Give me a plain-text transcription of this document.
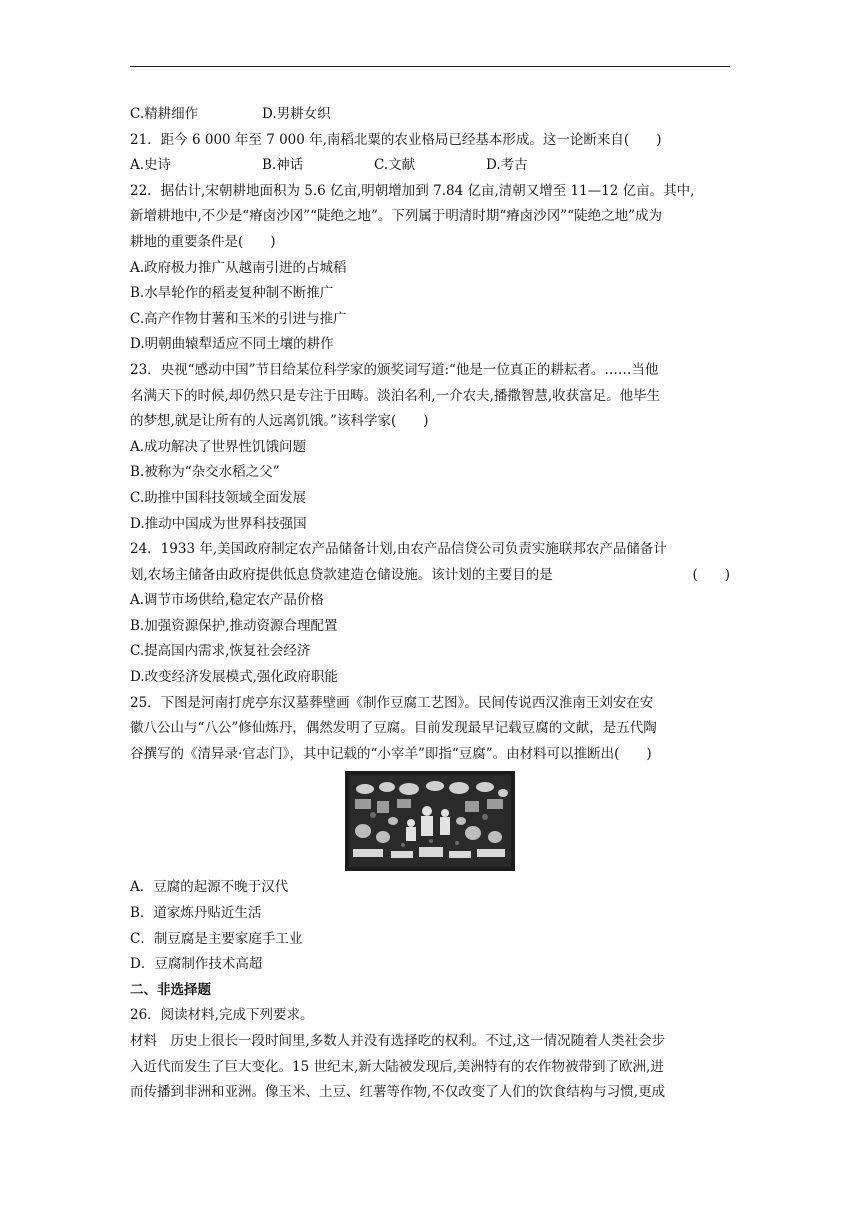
C.精耕细作	D.男耕女织
21．距今 6 000 年至 7 000 年,南稻北粟的农业格局已经基本形成。这一论断来自(　　)
A.史诗	B.神话	C.文献	D.考古
22．据估计,宋朝耕地面积为 5.6 亿亩,明朝增加到 7.84 亿亩,清朝又增至 11—12 亿亩。其中,
新增耕地中,不少是“瘠卤沙冈”“陡绝之地”。下列属于明清时期“瘠卤沙冈”“陡绝之地”成为
耕地的重要条件是(　　)
A.政府极力推广从越南引进的占城稻
B.水旱轮作的稻麦复种制不断推广
C.高产作物甘薯和玉米的引进与推广
D.明朝曲辕犁适应不同土壤的耕作
23．央视“感动中国”节目给某位科学家的颁奖词写道:“他是一位真正的耕耘者。……当他
名满天下的时候,却仍然只是专注于田畴。淡泊名利,一介农夫,播撒智慧,收获富足。他毕生
的梦想,就是让所有的人远离饥饿。”该科学家(　　)
A.成功解决了世界性饥饿问题
B.被称为“杂交水稻之父”
C.助推中国科技领域全面发展
D.推动中国成为世界科技强国
24．1933 年,美国政府制定农产品储备计划,由农产品信贷公司负责实施联邦农产品储备计
划,农场主储备由政府提供低息贷款建造仓储设施。该计划的主要目的是	(　　)
A.调节市场供给,稳定农产品价格
B.加强资源保护,推动资源合理配置
C.提高国内需求,恢复社会经济
D.改变经济发展模式,强化政府职能
25．下图是河南打虎亭东汉墓葬壁画《制作豆腐工艺图》。民间传说西汉淮南王刘安在安
徽八公山与“八公”修仙炼丹，偶然发明了豆腐。目前发现最早记载豆腐的文献，是五代陶
谷撰写的《清异录·官志门》，其中记载的“小宰羊”即指“豆腐”。由材料可以推断出(　　)
A．豆腐的起源不晚于汉代
B．道家炼丹贴近生活
C．制豆腐是主要家庭手工业
D．豆腐制作技术高超
二、非选择题
26．阅读材料,完成下列要求。
材料　历史上很长一段时间里,多数人并没有选择吃的权利。不过,这一情况随着人类社会步
入近代而发生了巨大变化。15 世纪末,新大陆被发现后,美洲特有的农作物被带到了欧洲,进
而传播到非洲和亚洲。像玉米、土豆、红薯等作物,不仅改变了人们的饮食结构与习惯,更成
